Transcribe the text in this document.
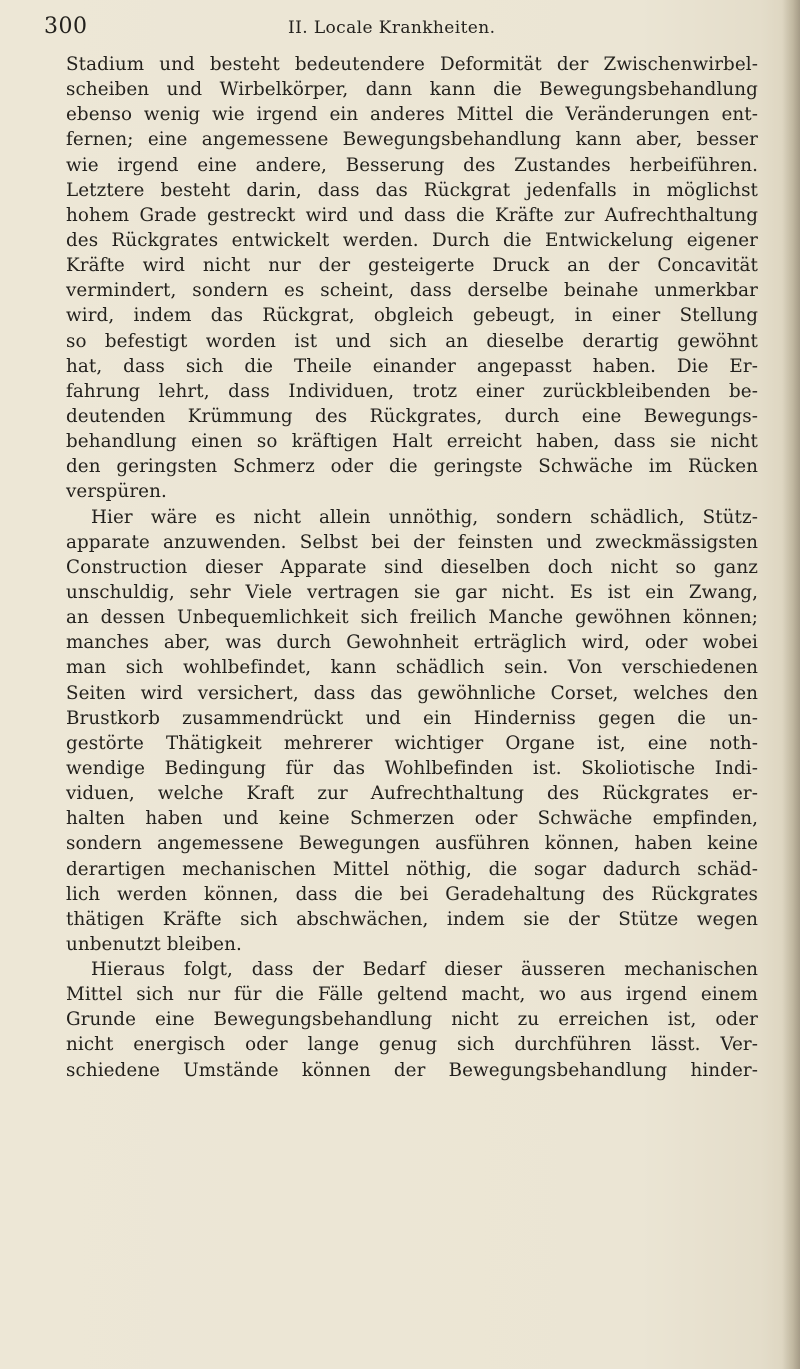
300	II. Locale Krankheiten.
Stadium und besteht bedeutendere Deformität der Zwischenwirbel-
scheiben und Wirbelkörper, dann kann die Bewegungsbehandlung
ebenso wenig wie irgend ein anderes Mittel die Veränderungen ent-
fernen; eine angemessene Bewegungsbehandlung kann aber, besser
wie irgend eine andere, Besserung des Zustandes herbeiführen.
Letztere besteht darin, dass das Rückgrat jedenfalls in möglichst
hohem Grade gestreckt wird und dass die Kräfte zur Aufrechthaltung
des Rückgrates entwickelt werden. Durch die Entwickelung eigener
Kräfte wird nicht nur der gesteigerte Druck an der Concavität
vermindert, sondern es scheint, dass derselbe beinahe unmerkbar
wird, indem das Rückgrat, obgleich gebeugt, in einer Stellung
so befestigt worden ist und sich an dieselbe derartig gewöhnt
hat, dass sich die Theile einander angepasst haben. Die Er-
fahrung lehrt, dass Individuen, trotz einer zurückbleibenden be-
deutenden Krümmung des Rückgrates, durch eine Bewegungs-
behandlung einen so kräftigen Halt erreicht haben, dass sie nicht
den geringsten Schmerz oder die geringste Schwäche im Rücken
verspüren.
Hier wäre es nicht allein unnöthig, sondern schädlich, Stütz-
apparate anzuwenden. Selbst bei der feinsten und zweckmässigsten
Construction dieser Apparate sind dieselben doch nicht so ganz
unschuldig, sehr Viele vertragen sie gar nicht. Es ist ein Zwang,
an dessen Unbequemlichkeit sich freilich Manche gewöhnen können;
manches aber, was durch Gewohnheit erträglich wird, oder wobei
man sich wohlbefindet, kann schädlich sein. Von verschiedenen
Seiten wird versichert, dass das gewöhnliche Corset, welches den
Brustkorb zusammendrückt und ein Hinderniss gegen die un-
gestörte Thätigkeit mehrerer wichtiger Organe ist, eine noth-
wendige Bedingung für das Wohlbefinden ist. Skoliotische Indi-
viduen, welche Kraft zur Aufrechthaltung des Rückgrates er-
halten haben und keine Schmerzen oder Schwäche empfinden,
sondern angemessene Bewegungen ausführen können, haben keine
derartigen mechanischen Mittel nöthig, die sogar dadurch schäd-
lich werden können, dass die bei Geradehaltung des Rückgrates
thätigen Kräfte sich abschwächen, indem sie der Stütze wegen
unbenutzt bleiben.
Hieraus folgt, dass der Bedarf dieser äusseren mechanischen
Mittel sich nur für die Fälle geltend macht, wo aus irgend einem
Grunde eine Bewegungsbehandlung nicht zu erreichen ist, oder
nicht energisch oder lange genug sich durchführen lässt. Ver-
schiedene Umstände können der Bewegungsbehandlung hinder-
